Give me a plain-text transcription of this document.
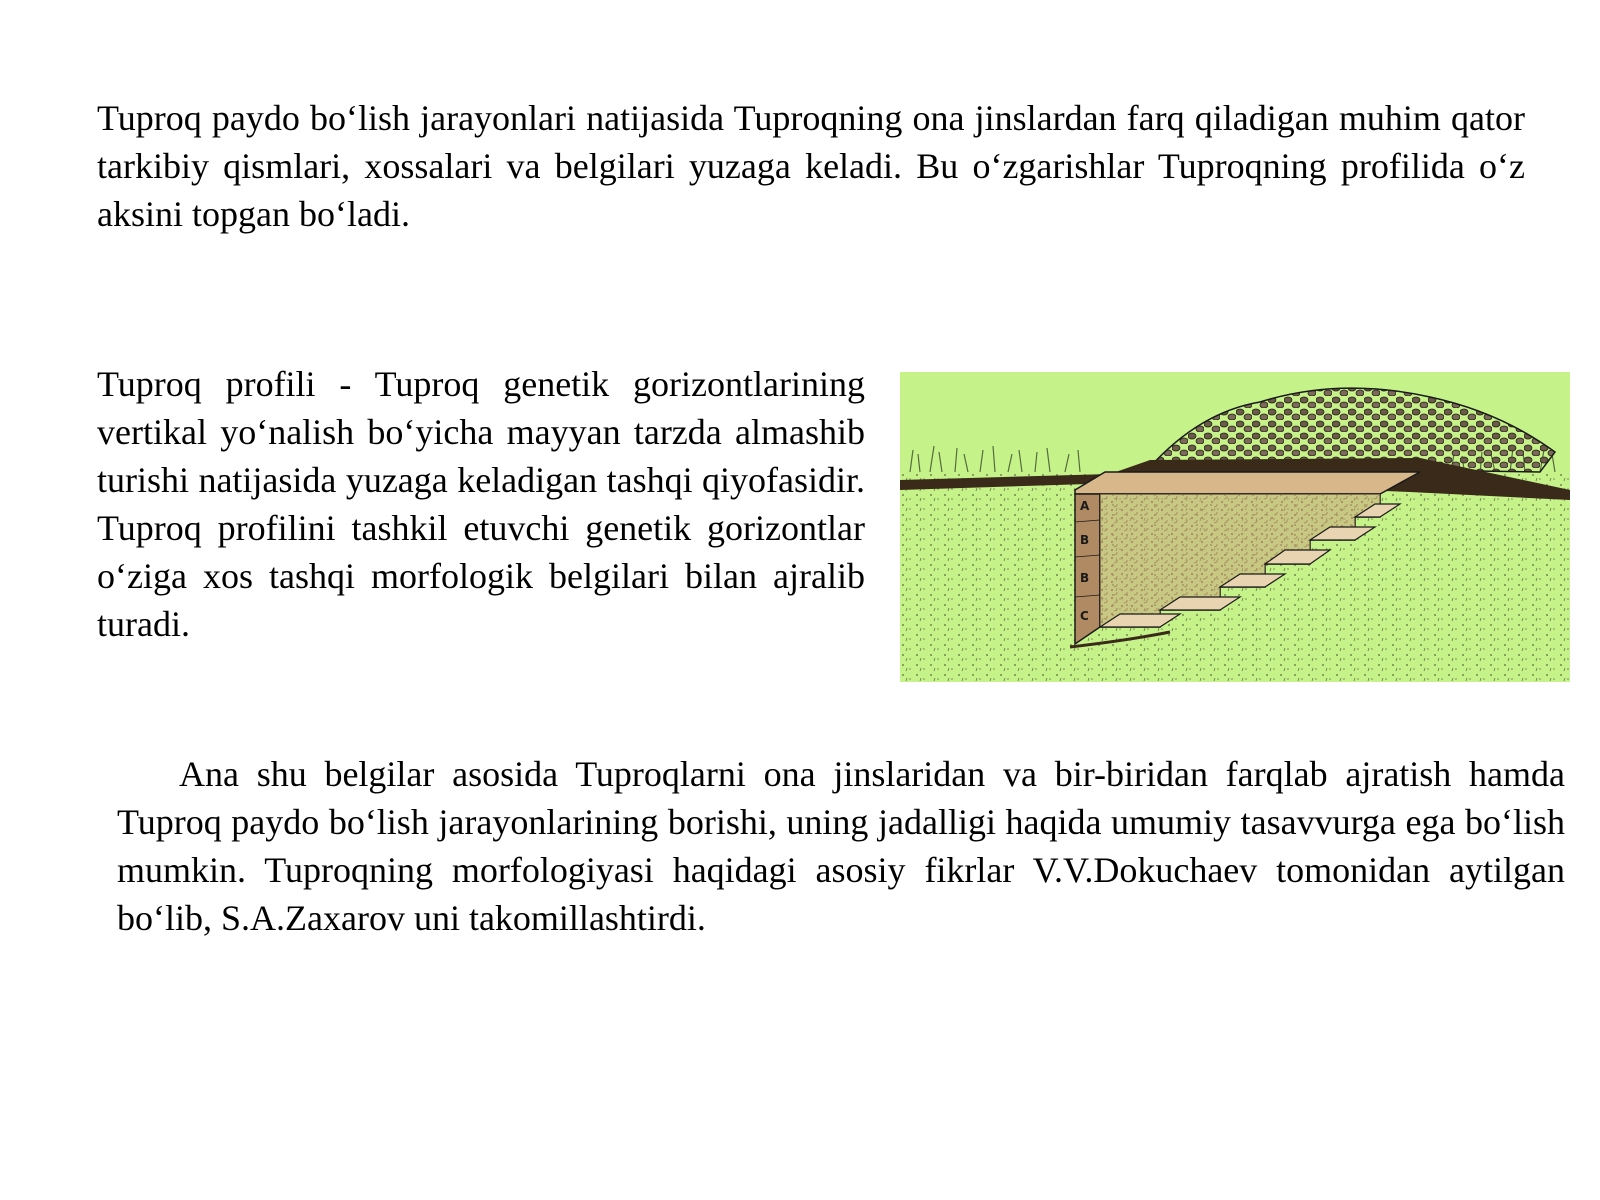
Tuproq paydo bo‘lish jarayonlari natijasida Tuproqning ona jinslardan farq qiladigan muhim qator tarkibiy qismlari, xossalari va belgilari yuzaga keladi. Bu o‘zgarishlar Tuproqning profilida o‘z aksini topgan bo‘ladi.

Tuproq profili - Tuproq genetik gorizontlarining vertikal yo‘nalish bo‘yicha mayyan tarzda almashib turishi natijasida yuzaga keladigan tashqi qiyofasidir. Tuproq profilini tashkil etuvchi genetik gorizontlar o‘ziga xos tashqi morfologik belgilari bilan ajralib turadi.

A
B
B
C

Ana shu belgilar asosida Tuproqlarni ona jinslaridan va bir-biridan farqlab ajratish hamda Tuproq paydo bo‘lish jarayonlarining borishi, uning jadalligi haqida umumiy tasavvurga ega bo‘lish mumkin. Tuproqning morfologiyasi haqidagi asosiy fikrlar V.V.Dokuchaev tomonidan aytilgan bo‘lib, S.A.Zaxarov uni takomillashtirdi.
